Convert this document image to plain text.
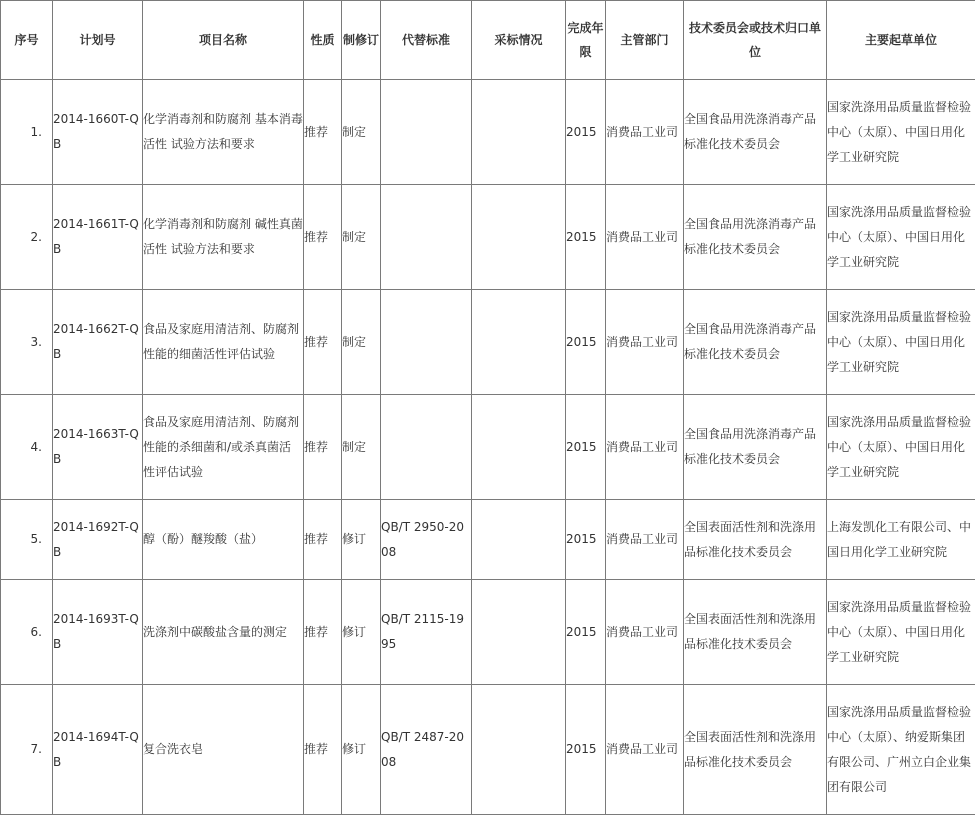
序号	计划号	项目名称	性质	制修订	代替标准	采标情况	完成年限	主管部门	技术委员会或技术归口单位	主要起草单位
1.	2014-1660T-QB	化学消毒剂和防腐剂 基本消毒活性 试验方法和要求	推荐	制定			2015	消费品工业司	全国食品用洗涤消毒产品标准化技术委员会	国家洗涤用品质量监督检验中心（太原）、中国日用化学工业研究院
2.	2014-1661T-QB	化学消毒剂和防腐剂 碱性真菌活性 试验方法和要求	推荐	制定			2015	消费品工业司	全国食品用洗涤消毒产品标准化技术委员会	国家洗涤用品质量监督检验中心（太原）、中国日用化学工业研究院
3.	2014-1662T-QB	食品及家庭用清洁剂、防腐剂性能的细菌活性评估试验	推荐	制定			2015	消费品工业司	全国食品用洗涤消毒产品标准化技术委员会	国家洗涤用品质量监督检验中心（太原）、中国日用化学工业研究院
4.	2014-1663T-QB	食品及家庭用清洁剂、防腐剂性能的杀细菌和/或杀真菌活性评估试验	推荐	制定			2015	消费品工业司	全国食品用洗涤消毒产品标准化技术委员会	国家洗涤用品质量监督检验中心（太原）、中国日用化学工业研究院
5.	2014-1692T-QB	醇（酚）醚羧酸（盐）	推荐	修订	QB/T 2950-2008		2015	消费品工业司	全国表面活性剂和洗涤用品标准化技术委员会	上海发凯化工有限公司、中国日用化学工业研究院
6.	2014-1693T-QB	洗涤剂中碳酸盐含量的测定	推荐	修订	QB/T 2115-1995		2015	消费品工业司	全国表面活性剂和洗涤用品标准化技术委员会	国家洗涤用品质量监督检验中心（太原）、中国日用化学工业研究院
7.	2014-1694T-QB	复合洗衣皂	推荐	修订	QB/T 2487-2008		2015	消费品工业司	全国表面活性剂和洗涤用品标准化技术委员会	国家洗涤用品质量监督检验中心（太原）、纳爱斯集团有限公司、广州立白企业集团有限公司
